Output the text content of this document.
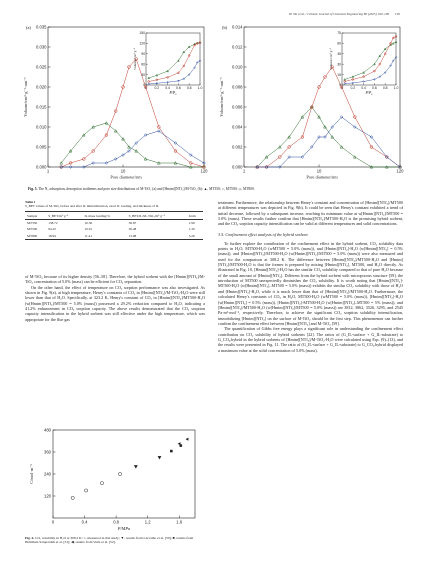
H. Yin et al. / Chinese Journal of Chemical Engineering 80 (2025) 100–109 105
(a)
0.000
0.005
0.010
0.015
0.020
0.025
0.030
0.035
1	10	120
Pore diameter/nm
Volume/cm³·g⁻¹·nm⁻¹	0
30
60
90
120
150
0 0.2 0.4 0.6 0.8 1.0
P/P₀
Volume/cm³·g⁻¹
(b)
0.000
0.002
0.004
0.006
0.008
0.010
0.012
0.014
1	10	120
Pore diameter/nm
Volume/cm³·g⁻¹·nm⁻¹	0
15
30
45
60
75
0 0.2 0.4 0.6 0.8 1.0
P/P₀
Volume/cm³·g⁻¹
Fig. 5. The N₂ adsorption–desorption isotherms and pore size distributions of M-TiO₂ (a) and [Hmim][NTf₂]/M-TiO₂ (b): ▲, MT350; ○, MT500; ◇, MT800.
Table 1
S_BET values of M-TiO₂ before and after IL immobilization, exact IL loading, and thickness of IL
Sample	S_BET/m²·g⁻¹	IL mass loading/%	S_BET,IL/M–TiO₂/m²·g⁻¹	δ/nm
MT350	138.72	10.36	36.87	1.99
MT500	94.22	10.91	56.48	1.30
MT800	18.94	11.41	13.98	5.26

of M-TiO₂ because of its higher density [56–58]. Therefore, the hybrid sorbent with the [Hmim][NTf₂]/M-TiO₂ concentration of 5.0% (mass) can be efficient for CO₂ separation.

On the other hand, the effect of temperature on CO₂ sorption performance was also investigated. As shown in Fig. 9(a), at high temperature, Henry's constants of CO₂ in [Hmim][NTf₂]/M-TiO₂-H₂O were still lower than that of H₂O. Specifically, at 323.2 K, Henry's constant of CO₂ in [Hmim][NTf₂]/MT500-H₂O (w[Hmim][NTf₂]/MT500 = 5.0% (mass)) possessed a 29.2% reduction compared to H₂O, indicating a 41.2% enhancement in CO₂ sorption capacity. The above results demonstrated that the CO₂ sorption capacity intensification in the hybrid sorbent was still effective under the high temperature, which was appropriate for the flue gas

120
240
360
480
0	0.4	0.8	1.2	1.6
P/MPa
C/mol·m⁻³
Fig. 6. CO₂ solubility in H₂O at 308.2 K: ○, measured in this study; ▼, results from Carvalho et al. [50]; ■, results from Hemmati-Sarapardeh et al. [51]; ◀, results from Valtz et al. [52].

treatment. Furthermore, the relationship between Henry's constant and concentration of [Hmim][NTf₂]/MT500 at different temperatures was depicted in Fig. 9(b). It could be seen that Henry's constant exhibited a trend of initial decrease, followed by a subsequent increase, reaching its minimum value at w[Hmim][NTf₂]/MT500 = 5.0% (mass). These results further confirm that [Hmim][NTf₂]/MT500-H₂O is the promising hybrid sorbent, and the CO₂ sorption capacity intensification can be valid at different temperatures and solid concentrations.

3.5. Confinement effect analysis of the hybrid sorbent

To further explore the contribution of the confinement effect in the hybrid sorbent, CO₂ solubility data points in H₂O, MT500-H₂O (wMT500 = 5.0% (mass)), and [Hmim][NTf₂]-H₂O (w[Hmim][NTf₂] = 0.5% (mass)), and [Hmim][NTf₂]/MT500-H₂O (w[Hmim][NTf₂]/MT500 = 5.0% (mass)) were also measured and used for the comparison at 308.2 K. The difference between [Hmim][NTf₂]/MT500-H₂O and [Hmim][NTf₂]/MT500-H₂O is that the former is prepared by mixing [Hmim][NTf₂], MT500, and H₂O directly. As illustrated in Fig. 10, [Hmim][NTf₂]-H₂O has the similar CO₂ solubility compared to that of pure H₂O because of the small amount of [Hmim][NTf₂]. Different from the hybrid sorbent with microporous structure [59], the introduction of MT500 unexpectedly diminishes the CO₂ solubility. It is worth noting that [Hmim][NTf₂]-MT500-H₂O (w[Hmim][NTf₂]–MT500 = 5.0% (mass)) exhibits the similar CO₂ solubility with those of H₂O and [Hmim][NTf₂]-H₂O, while it is much lower than that of [Hmim][NTf₂]/MT500-H₂O. Furthermore, the calculated Henry's constants of CO₂ in H₂O, MT500-H₂O (wMT500 = 5.0% (mass)), [Hmim][NTf₂]-H₂O (w[Hmim][NTf₂] = 0.5% (mass)), [Hmim][NTf₂]-MT500-H₂O (w[Hmim][NTf₂]–MT500 = 5% (mass)), and [Hmim][NTf₂]/MT500-H₂O (w[Hmim][NTf₂]/MT500 = 5.0% (mass)) are 3812, 3862, 3526, 3295, and 2545 Pa·m³·mol⁻¹, respectively. Therefore, to achieve the significant CO₂ sorption solubility intensification, immobilizing [Hmim][NTf₂] on the surface of M-TiO₂ should be the first step. This phenomenon can further confirm the confinement effect between [Hmim][NTf₂] and M-TiO₂ [59].

The quantification of Gibbs free energy plays a significant role in understanding the confinement effect contribution on CO₂ solubility of hybrid sorbents [22]. The ratios of (G_IL-surface + G_IL-substrate) to G_CO₂,hybrid in the hybrid sorbents of [Hmim][NTf₂]/M-TiO₂-H₂O were calculated using Eqs. (9)–(13), and the results were presented in Fig. 11. The ratio of (G_IL-surface + G_IL-substrate) to G_CO₂,hybrid displayed a maximum value at the solid concentration of 5.0% (mass).
